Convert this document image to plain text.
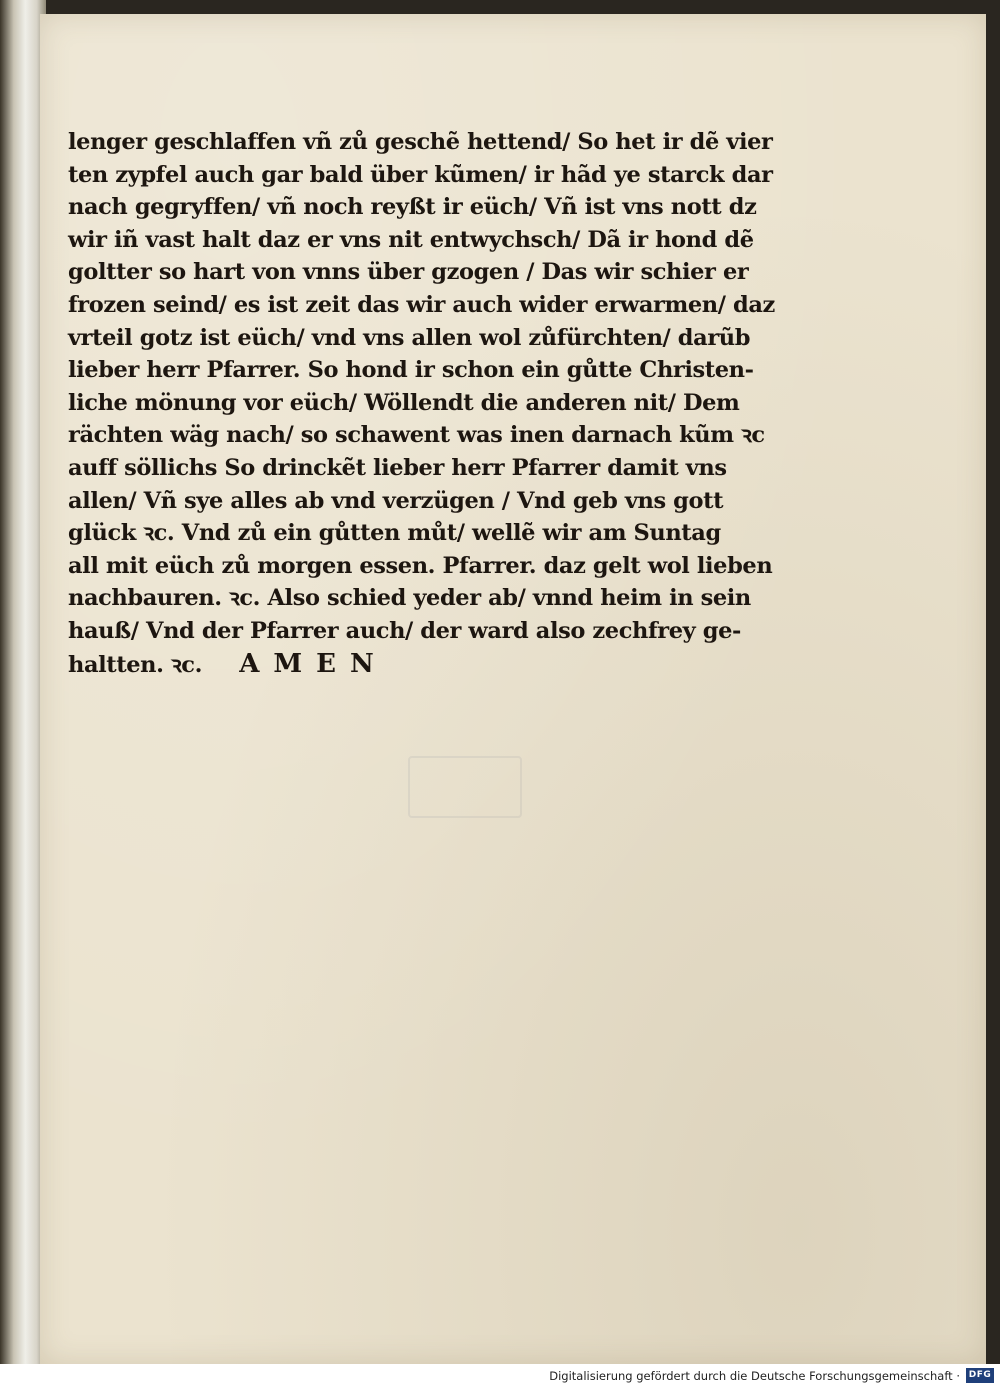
lenger geschlaffen vñ zů geschẽ hettend/ So het ir dẽ vier
ten zypfel auch gar bald über kũmen/ ir hãd ye starck dar
nach gegryffen/ vñ noch reyßt ir eüch/ Vñ ist vns nott dz
wir iñ vast halt daz er vns nit entwychsch/ Dã ir hond dẽ
goltter so hart von vnns über gzogen / Das wir schier er
frozen seind/ es ist zeit das wir auch wider erwarmen/ daz
vrteil gotz ist eüch/ vnd vns allen wol zůfürchten/ darũb
lieber herr Pfarrer. So hond ir schon ein gůtte Christen-
liche mönung vor eüch/ Wöllendt die anderen nit/ Dem
rächten wäg nach/ so schawent was inen darnach kũm ꝛc
auff söllichs So drinckẽt lieber herr Pfarrer damit vns
allen/ Vñ sye alles ab vnd verzügen / Vnd geb vns gott
glück ꝛc. Vnd zů ein gůtten můt/ wellẽ wir am Suntag
all mit eüch zů morgen essen. Pfarrer. daz gelt wol lieben
nachbauren. ꝛc. Also schied yeder ab/ vnnd heim in sein
hauß/ Vnd der Pfarrer auch/ der ward also zechfrey ge-
haltten. ꝛc. AMEN
Digitalisierung gefördert durch die Deutsche Forschungsgemeinschaft · DFG
